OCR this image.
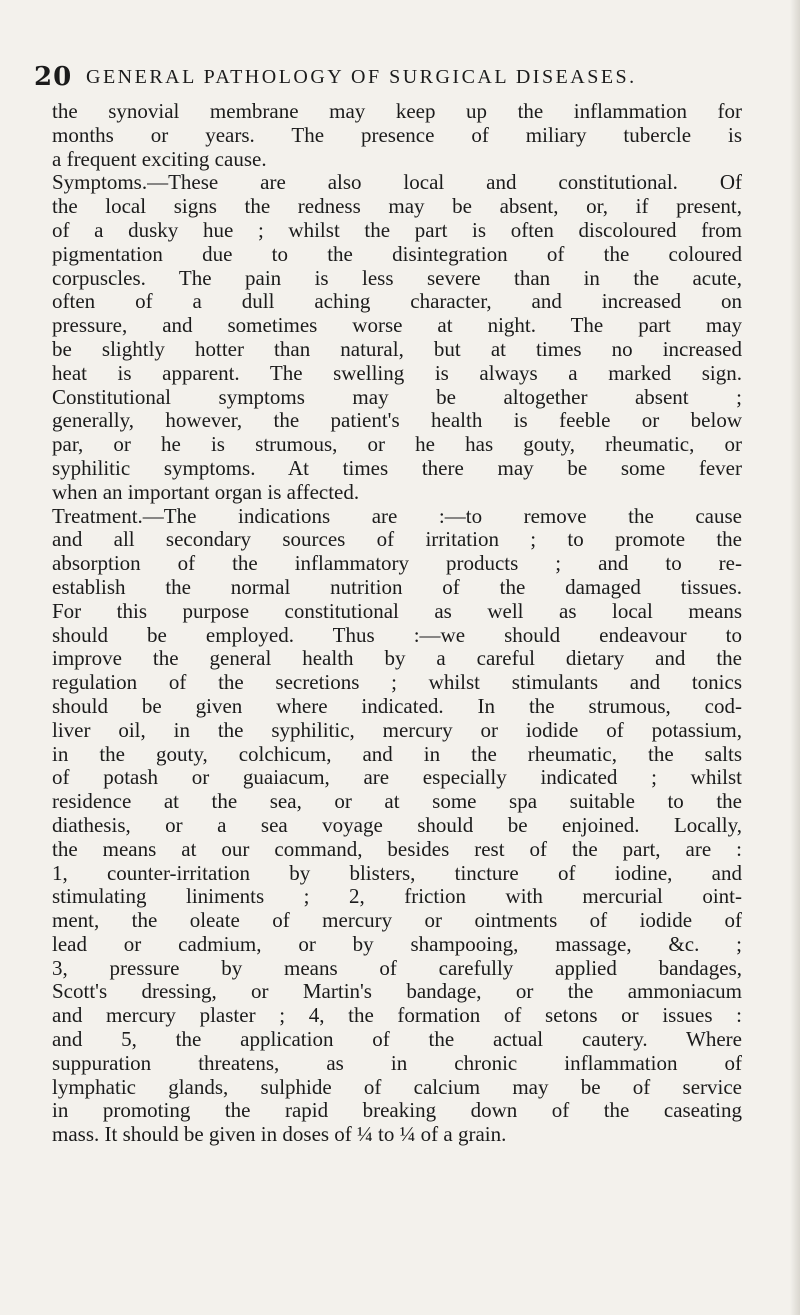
20 GENERAL PATHOLOGY OF SURGICAL DISEASES.
the synovial membrane may keep up the inflammation for
months or years. The presence of miliary tubercle is
a frequent exciting cause.
Symptoms.—These are also local and constitutional. Of
the local signs the redness may be absent, or, if present,
of a dusky hue ; whilst the part is often discoloured from
pigmentation due to the disintegration of the coloured
corpuscles. The pain is less severe than in the acute,
often of a dull aching character, and increased on
pressure, and sometimes worse at night. The part may
be slightly hotter than natural, but at times no increased
heat is apparent. The swelling is always a marked sign.
Constitutional symptoms may be altogether absent ;
generally, however, the patient's health is feeble or below
par, or he is strumous, or he has gouty, rheumatic, or
syphilitic symptoms. At times there may be some fever
when an important organ is affected.
Treatment.—The indications are :—to remove the cause
and all secondary sources of irritation ; to promote the
absorption of the inflammatory products ; and to re-
establish the normal nutrition of the damaged tissues.
For this purpose constitutional as well as local means
should be employed. Thus :—we should endeavour to
improve the general health by a careful dietary and the
regulation of the secretions ; whilst stimulants and tonics
should be given where indicated. In the strumous, cod-
liver oil, in the syphilitic, mercury or iodide of potassium,
in the gouty, colchicum, and in the rheumatic, the salts
of potash or guaiacum, are especially indicated ; whilst
residence at the sea, or at some spa suitable to the
diathesis, or a sea voyage should be enjoined. Locally,
the means at our command, besides rest of the part, are :
1, counter-irritation by blisters, tincture of iodine, and
stimulating liniments ; 2, friction with mercurial oint-
ment, the oleate of mercury or ointments of iodide of
lead or cadmium, or by shampooing, massage, &c. ;
3, pressure by means of carefully applied bandages,
Scott's dressing, or Martin's bandage, or the ammoniacum
and mercury plaster ; 4, the formation of setons or issues :
and 5, the application of the actual cautery. Where
suppuration threatens, as in chronic inflammation of
lymphatic glands, sulphide of calcium may be of service
in promoting the rapid breaking down of the caseating
mass. It should be given in doses of ¼ to ¼ of a grain.
